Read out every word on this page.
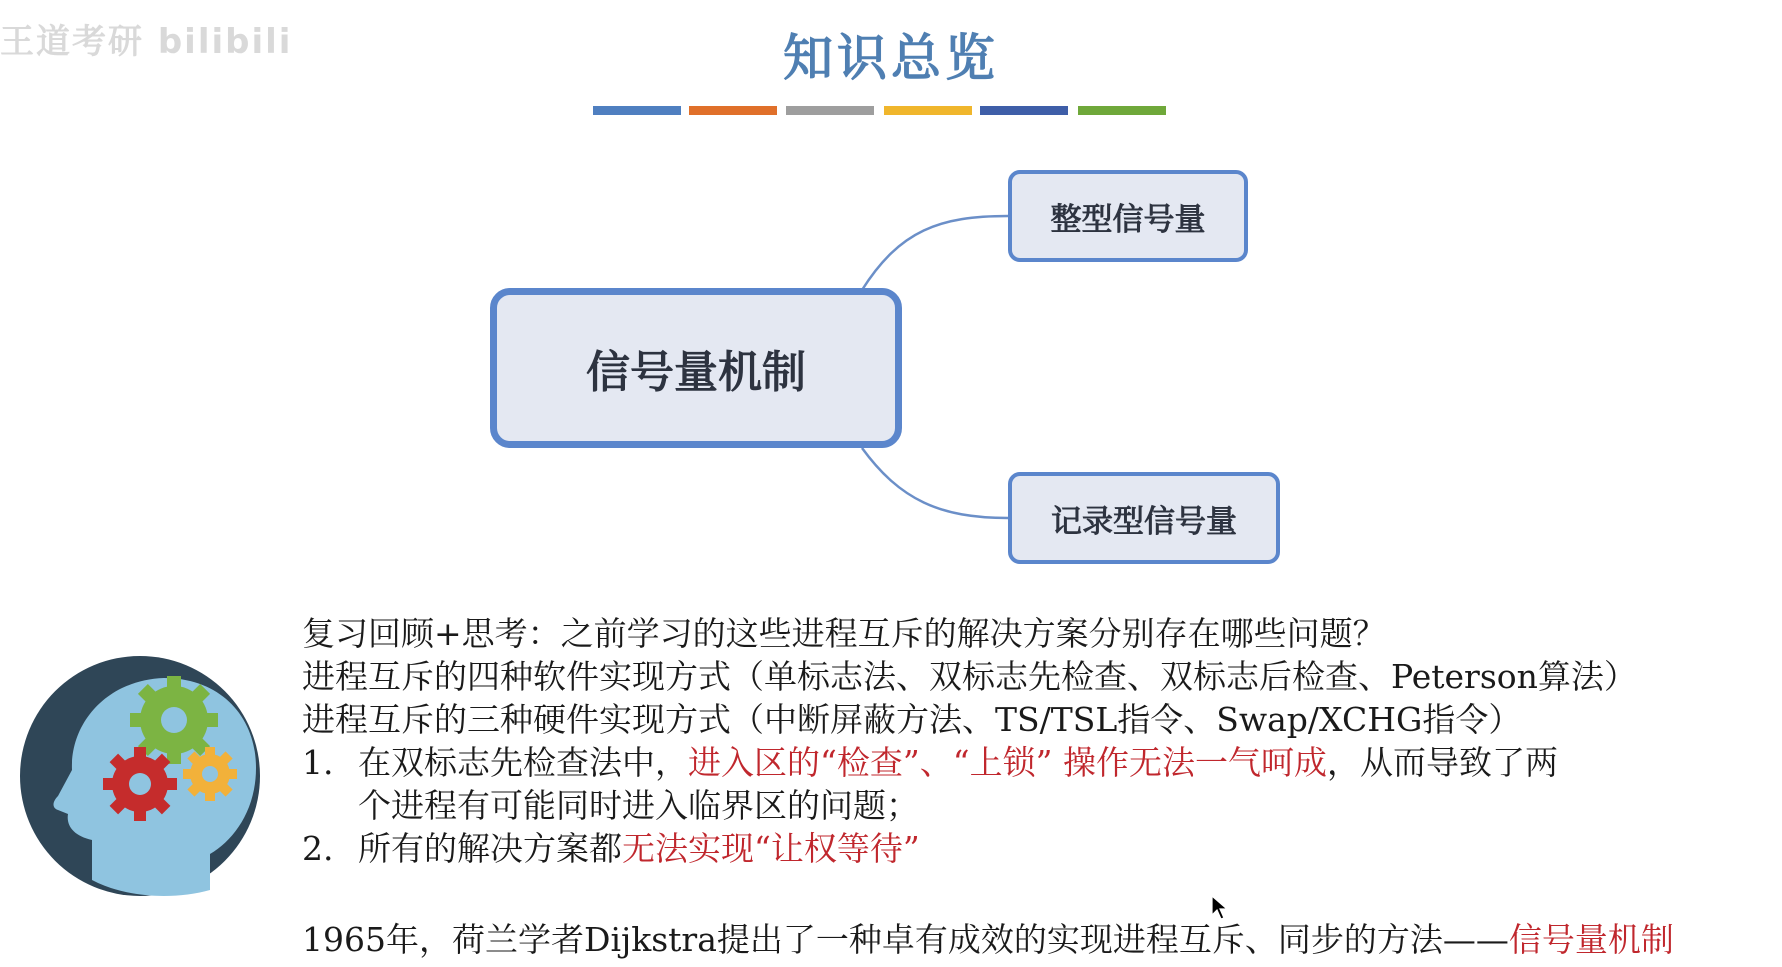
王道考研 bilibili	知识总览
信号量机制
整型信号量
记录型信号量
复习回顾+思考：之前学习的这些进程互斥的解决方案分别存在哪些问题？
进程互斥的四种软件实现方式（单标志法、双标志先检查、双标志后检查、Peterson算法）
进程互斥的三种硬件实现方式（中断屏蔽方法、TS/TSL指令、Swap/XCHG指令）
1. 在双标志先检查法中，进入区的“检查”、“上锁” 操作无法一气呵成，从而导致了两
个进程有可能同时进入临界区的问题；
2. 所有的解决方案都无法实现“让权等待”
1965年，荷兰学者Dijkstra提出了一种卓有成效的实现进程互斥、同步的方法——信号量机制
